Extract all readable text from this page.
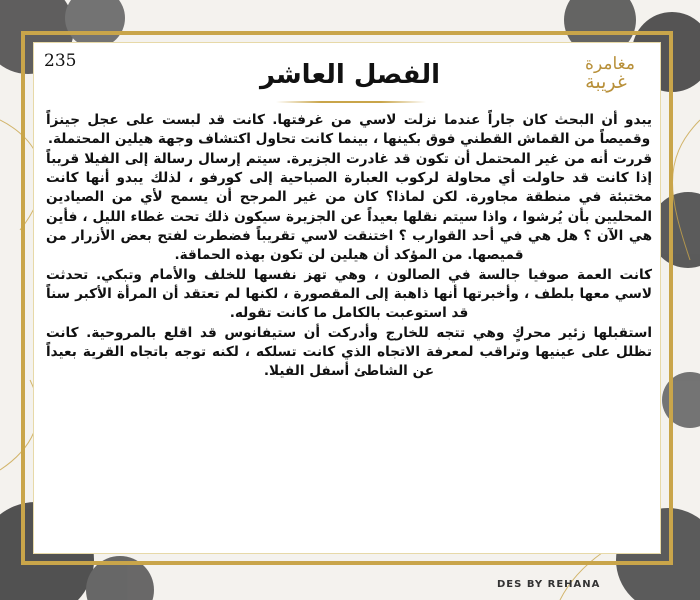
235	مغامرة
غريبة
الفصل العاشر

يبدو أن البحث كان جاراً عندما نزلت لاسي من غرفتها. كانت قد لبست على عجل جينزاً وقميصاً من القماش القطني فوق بكينها ، بينما كانت تحاول اكتشاف وجهة هيلين المحتملة.

قررت أنه من غير المحتمل أن تكون قد غادرت الجزيرة. سيتم إرسال رسالة إلى الفيلا قريباً إذا كانت قد حاولت أي محاولة لركوب العبارة الصباحية إلى كورفو ، لذلك يبدو أنها كانت مختبئة في منطقة مجاورة. لكن لماذا؟ كان من غير المرجح أن يسمح لأي من الصيادين المحليين بأن يُرشوا ، واذا سيتم نقلها بعيداً عن الجزيرة سيكون ذلك تحت غطاء الليل ، فأين هي الآن ؟ هل هي في أحد القوارب ؟ اختنقت لاسي تقريباً فضطرت لفتح بعض الأزرار من قميصها. من المؤكد أن هيلين لن تكون بهذه الحماقة.

كانت العمة صوفيا جالسة في الصالون ، وهي تهز نفسها للخلف والأمام وتبكي. تحدثت لاسي معها بلطف ، وأخبرتها أنها ذاهبة إلى المقصورة ، لكنها لم تعتقد أن المرأة الأكبر سناً قد استوعبت بالكامل ما كانت تقوله.

استقبلها زئير محركٍ وهي تتجه للخارج وأدركت أن ستيفانوس قد اقلع بالمروحية. كانت تظلل على عينيها وتراقب لمعرفة الاتجاه الذي كانت تسلكه ، لكنه توجه باتجاه القرية بعيداً عن الشاطئ أسفل الفيلا.

DES BY REHANA
